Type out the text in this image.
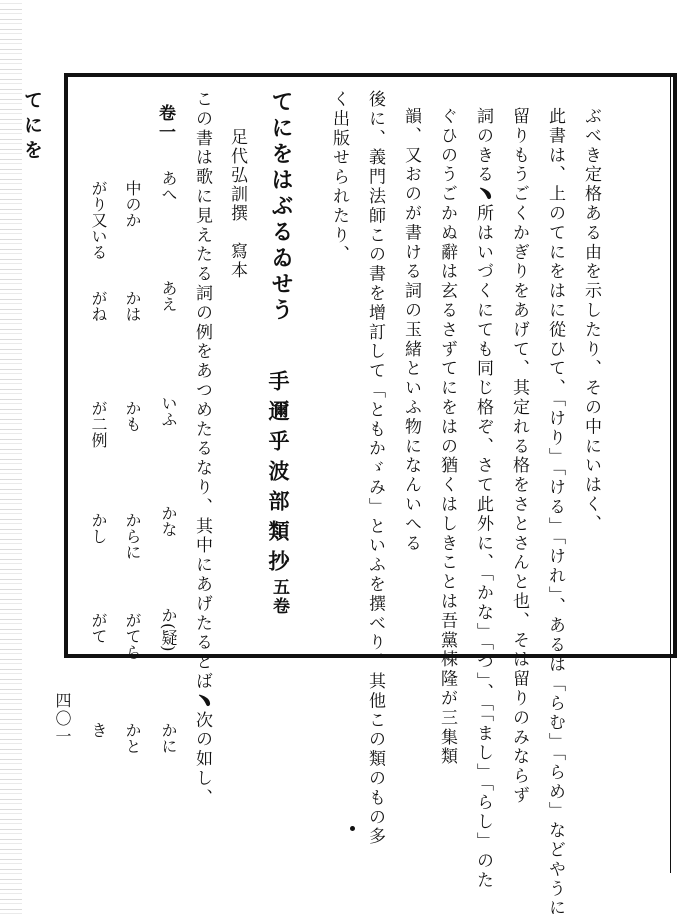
てにを
四〇一
ぶべき定格ある由を示したり、その中にいはく、
此書は、上のてにをはに從ひて、「けり」「ける」「けれ」、あるは「らむ」「らめ」などやうに
留りもうごくかぎりをあげて、其定れる格をさとさんと也、そは留りのみならず
詞のきる﹅所はいづくにても同じ格ぞ、さて此外に、「かな」「つ」、「「まし」「らし」のた
ぐひのうごかぬ辭は玄るさずてにをはの猶くはしきことは吾黨棟隆が三集類
韻、又おのが書ける詞の玉緒といふ物になんいへる
後に、義門法師この書を增訂して「ともかゞみ」といふを撰べり、其他この類のもの多
く出版せられたり、
てにをはぶるゐせう
手邇乎波部類抄
五卷
足代弘訓撰　寫本
この書は歌に見えたる詞の例をあつめたるなり、其中にあげたるとば﹅次の如し、
卷一
あへ
あえ
いふ
かな
か(疑)
かに
中のか
かは
かも
からに
がてら
かと
がり又いる
がね
が二例
かし
がて
き
